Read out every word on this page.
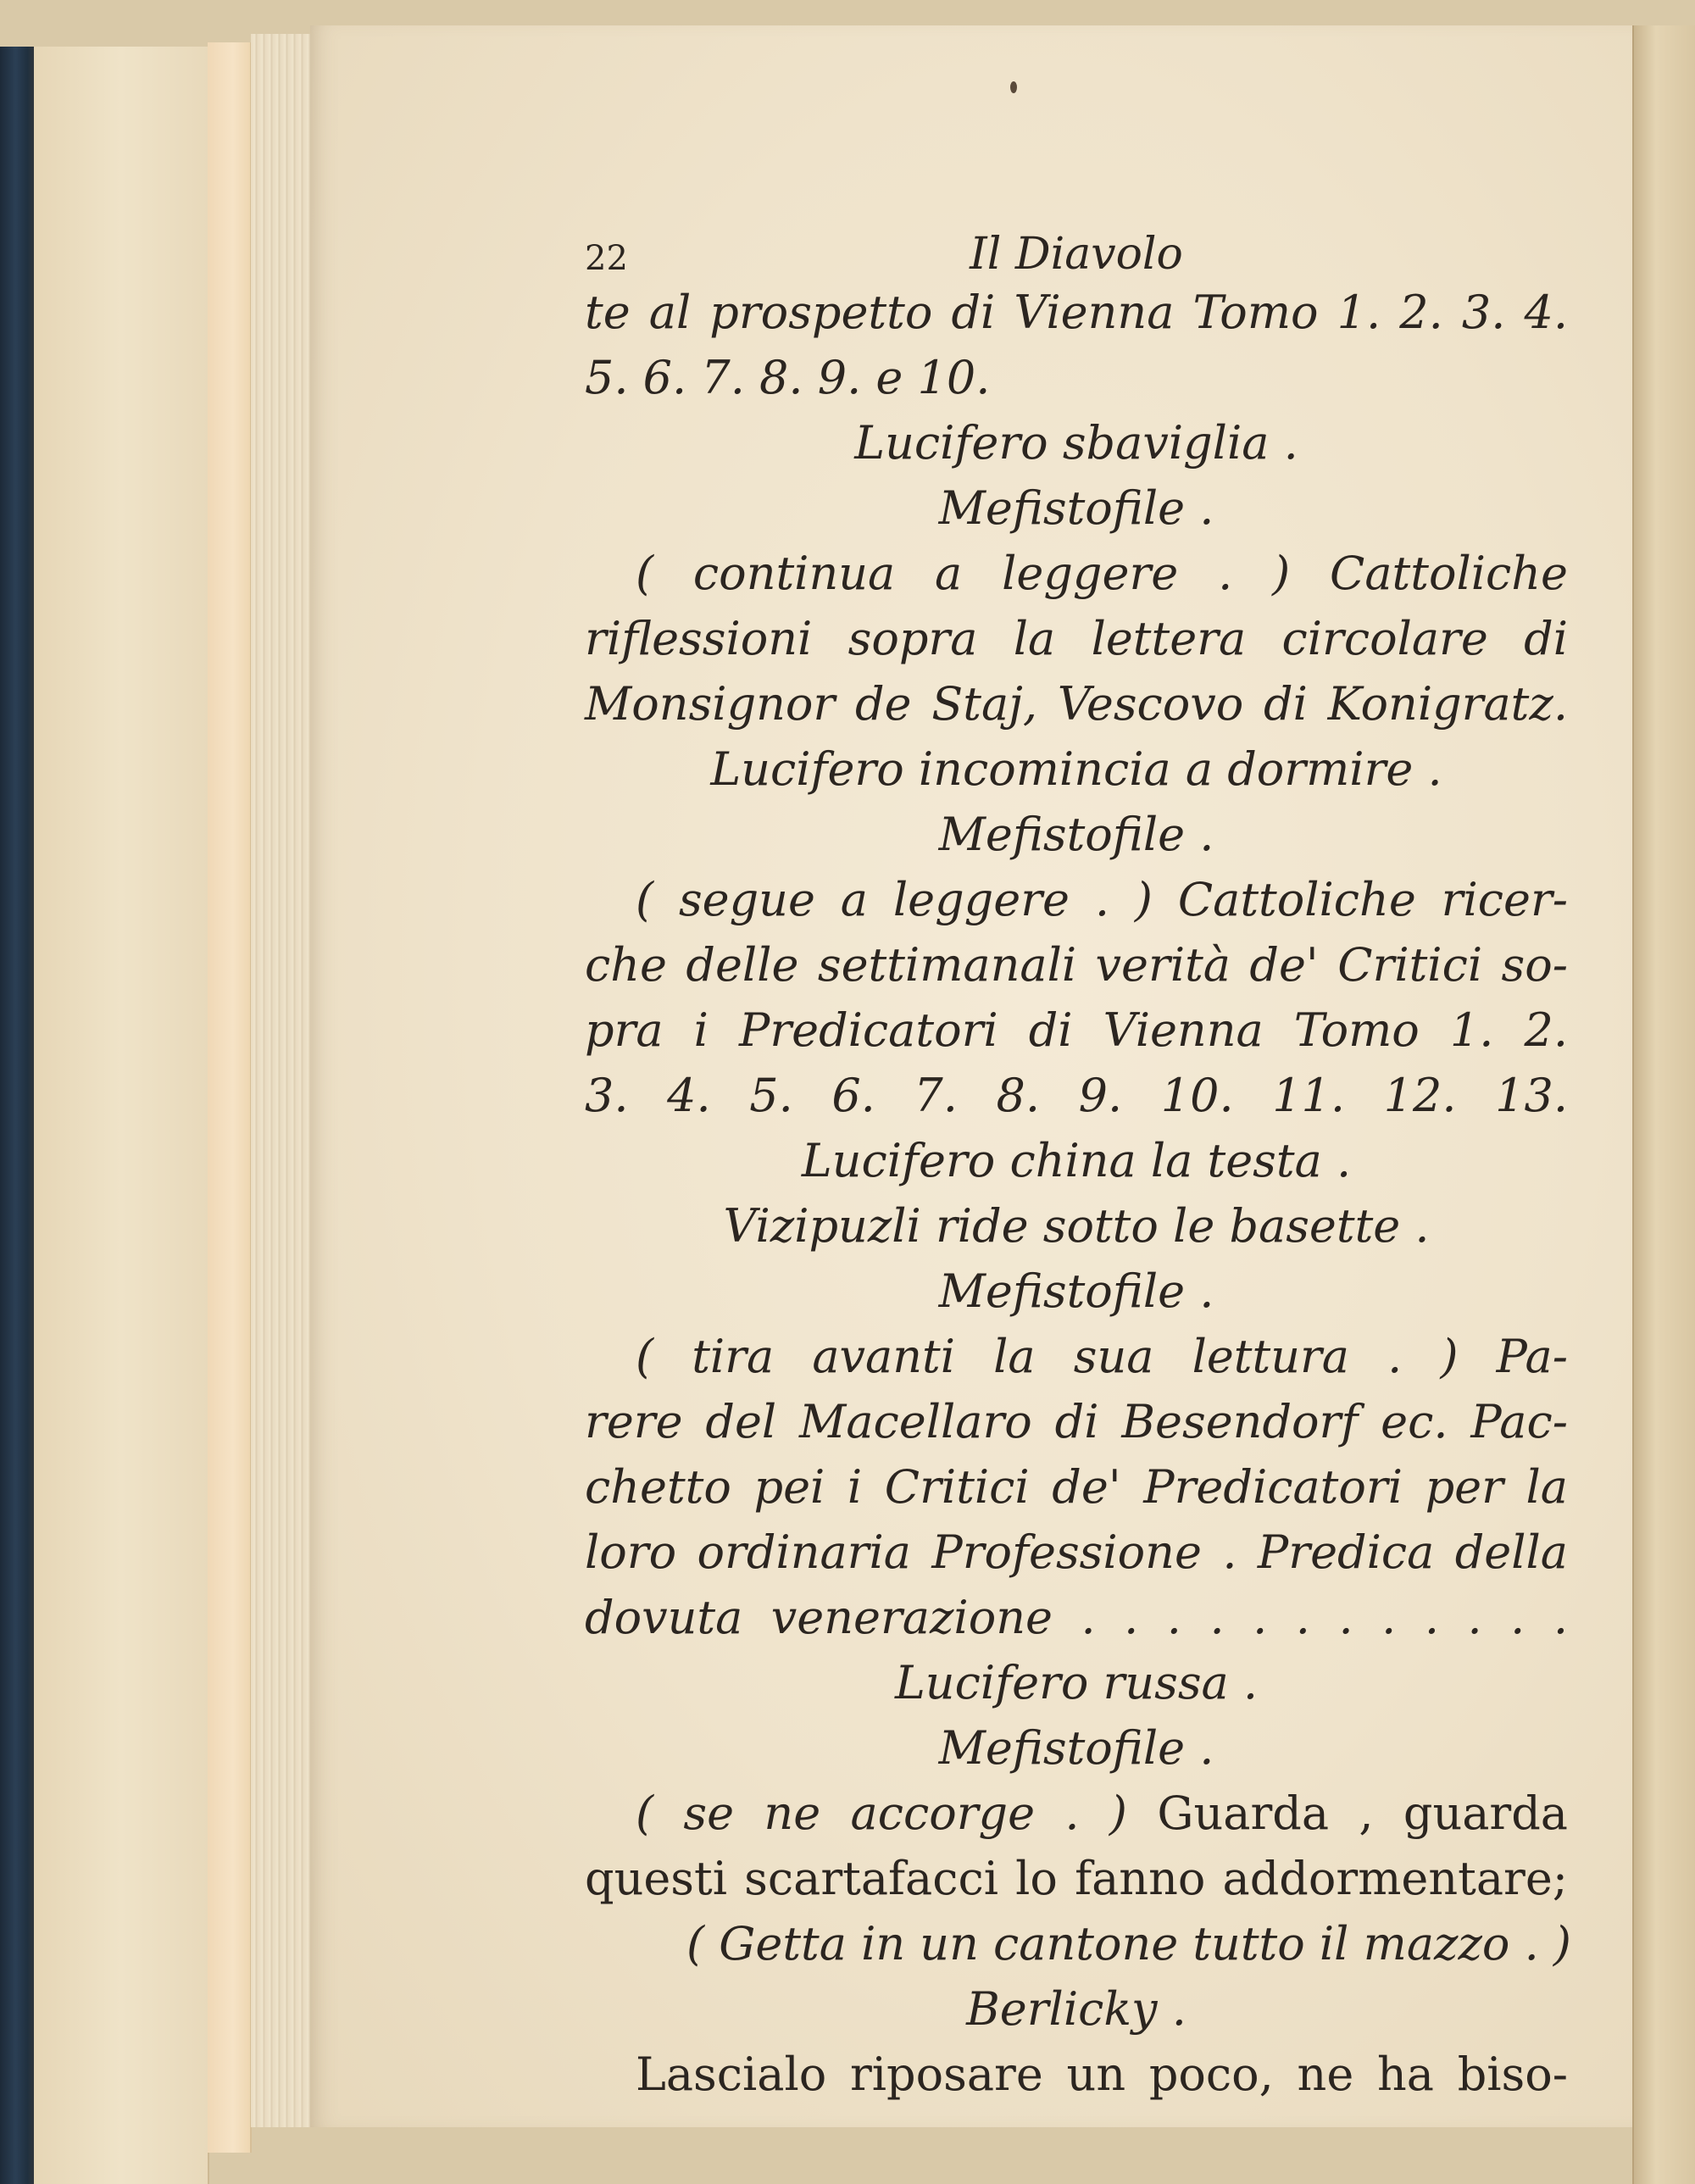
22	Il Diavolo
te al prospetto di Vienna Tomo 1. 2. 3. 4.
5. 6. 7. 8. 9. e 10.
Lucifero sbaviglia .
Mefistofile .
( continua a leggere . ) Cattoliche
riflessioni sopra la lettera circolare di
Monsignor de Staj, Vescovo di Konigratz.
Lucifero incomincia a dormire .
Mefistofile .
( segue a leggere . ) Cattoliche ricer-
che delle settimanali verità de' Critici so-
pra i Predicatori di Vienna Tomo 1. 2.
3. 4. 5. 6. 7. 8. 9. 10. 11. 12. 13.
Lucifero china la testa .
Vizipuzli ride sotto le basette .
Mefistofile .
( tira avanti la sua lettura . ) Pa-
rere del Macellaro di Besendorf ec. Pac-
chetto pei i Critici de' Predicatori per la
loro ordinaria Professione . Predica della
dovuta venerazione . . . . . . . . . . . .
Lucifero russa .
Mefistofile .
( se ne accorge . ) Guarda , guarda
questi scartafacci lo fanno addormentare;
( Getta in un cantone tutto il mazzo . )
Berlicky .
Lascialo riposare un poco, ne ha biso-
